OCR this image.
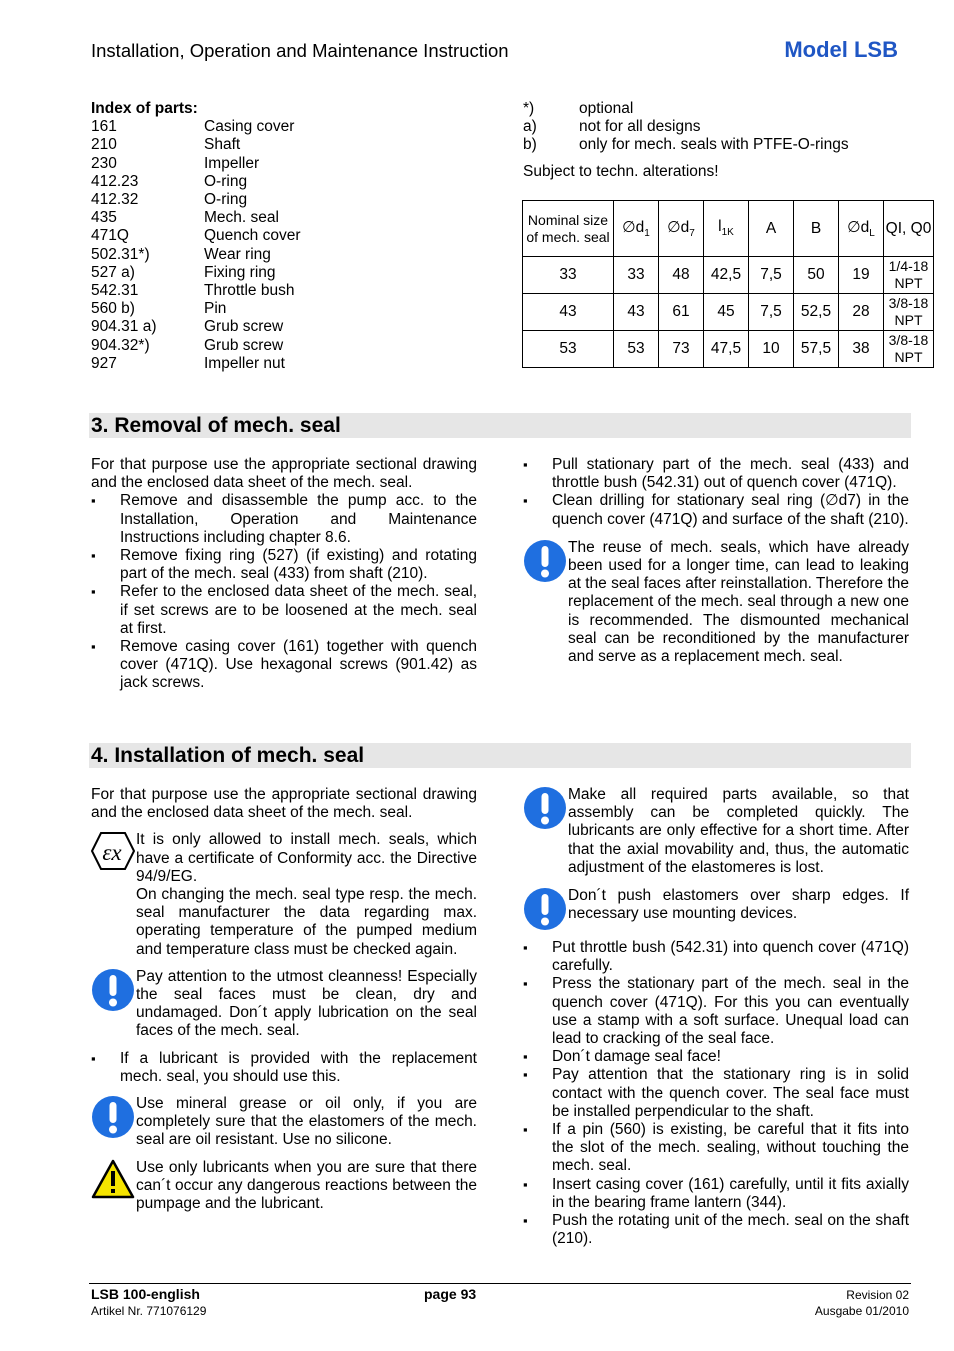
Installation, Operation and Maintenance Instruction	Model LSB
Index of parts:
161	Casing cover
210	Shaft
230	Impeller
412.23	O-ring
412.32	O-ring
435	Mech. seal
471Q	Quench cover
502.31*)	Wear ring
527 a)	Fixing ring
542.31	Throttle bush
560 b)	Pin
904.31 a)	Grub screw
904.32*)	Grub screw
927	Impeller nut
*)	optional
a)	not for all designs
b)	only for mech. seals with PTFE-O-rings
Subject to techn. alterations!
Nominal size of mech. seal	$\emptyset d_1$	$\emptyset d_7$	$l_{1K}$	A	B	$\emptyset d_L$	QI, Q0
33	33	48	42,5	7,5	50	19	1/4-18 NPT
43	43	61	45	7,5	52,5	28	3/8-18 NPT
53	53	73	47,5	10	57,5	38	3/8-18 NPT
3. Removal of mech. seal
For that purpose use the appropriate sectional drawing and the enclosed data sheet of the mech. seal.
▪ Remove and disassemble the pump acc. to the Installation, Operation and Maintenance Instructions including chapter 8.6.
▪ Remove fixing ring (527) (if existing) and rotating part of the mech. seal (433) from shaft (210).
▪ Refer to the enclosed data sheet of the mech. seal, if set screws are to be loosened at the mech. seal at first.
▪ Remove casing cover (161) together with quench cover (471Q). Use hexagonal screws (901.42) as jack screws.
▪ Pull stationary part of the mech. seal (433) and throttle bush (542.31) out of quench cover (471Q).
▪ Clean drilling for stationary seal ring (∅d7) in the quench cover (471Q) and surface of the shaft (210).
The reuse of mech. seals, which have already been used for a longer time, can lead to leaking at the seal faces after reinstallation. Therefore the replacement of the mech. seal through a new one is recommended. The dismounted mechanical seal can be reconditioned by the manufacturer and serve as a replacement mech. seal.
4. Installation of mech. seal
For that purpose use the appropriate sectional drawing and the enclosed data sheet of the mech. seal.
εx
It is only allowed to install mech. seals, which have a certificate of Conformity acc. the Directive 94/9/EG.
On changing the mech. seal type resp. the mech. seal manufacturer the data regarding max. operating temperature of the pumped medium and temperature class must be checked again.
Pay attention to the utmost cleanness! Especially the seal faces must be clean, dry and undamaged. Don´t apply lubrication on the seal faces of the mech. seal.
▪ If a lubricant is provided with the replacement mech. seal, you should use this.
Use mineral grease or oil only, if you are completely sure that the elastomers of the mech. seal are oil resistant. Use no silicone.
Use only lubricants when you are sure that there can´t occur any dangerous reactions between the pumpage and the lubricant.
Make all required parts available, so that assembly can be completed quickly. The lubricants are only effective for a short time. After that the axial movability and, thus, the automatic adjustment of the elastomeres is lost.
Don´t push elastomers over sharp edges. If necessary use mounting devices.
▪ Put throttle bush (542.31) into quench cover (471Q) carefully.
▪ Press the stationary part of the mech. seal in the quench cover (471Q). For this you can eventually use a stamp with a soft surface. Unequal load can lead to cracking of the seal face.
▪ Don´t damage seal face!
▪ Pay attention that the stationary ring is in solid contact with the quench cover. The seal face must be installed perpendicular to the shaft.
▪ If a pin (560) is existing, be careful that it fits into the slot of the mech. sealing, without touching the mech. seal.
▪ Insert casing cover (161) carefully, until it fits axially in the bearing frame lantern (344).
▪ Push the rotating unit of the mech. seal on the shaft (210).
LSB 100-english
Artikel Nr. 771076129
page 93	Revision 02
Ausgabe 01/2010
